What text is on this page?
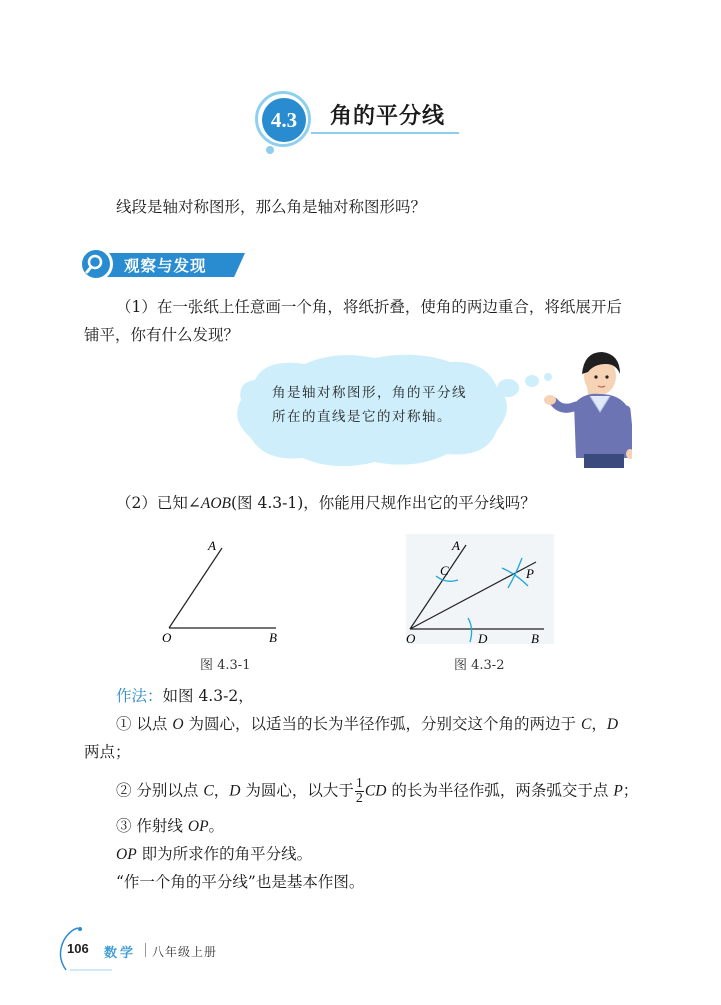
4.3	角的平分线
线段是轴对称图形，那么角是轴对称图形吗？
观察与发现
（1）在一张纸上任意画一个角，将纸折叠，使角的两边重合，将纸展开后
铺平，你有什么发现？
角是轴对称图形，角的平分线
所在的直线是它的对称轴。
（2）已知∠AOB(图 4.3-1)，你能用尺规作出它的平分线吗？
A
O	B
图 4.3-1
A
C	P
O	D	B
图 4.3-2
作法：如图 4.3-2，
① 以点 O 为圆心，以适当的长为半径作弧，分别交这个角的两边于 C，D
两点；
② 分别以点 C，D 为圆心，以大于 $\frac{1}{2}$ CD 的长为半径作弧，两条弧交于点 P；
③ 作射线 OP。
OP 即为所求作的角平分线。
“作一个角的平分线”也是基本作图。
106 数学 八年级上册
